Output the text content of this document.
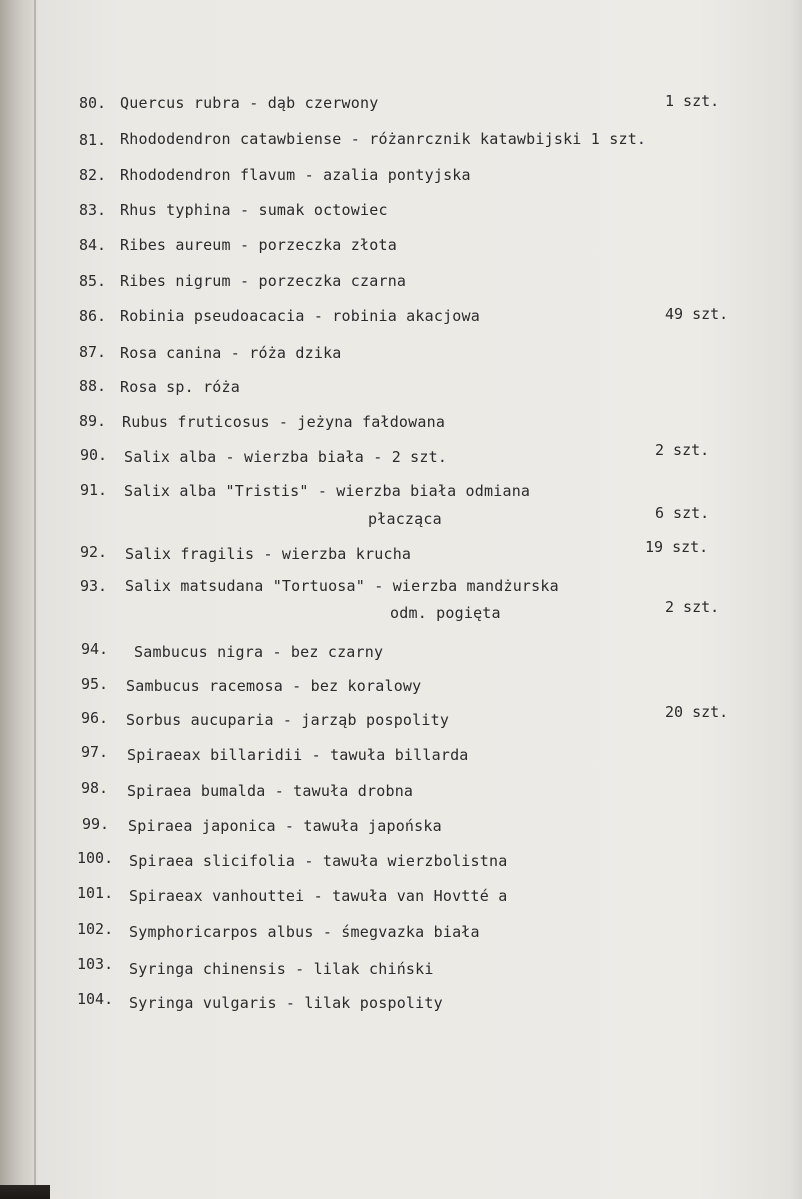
80. Quercus rubra - dąb czerwony	1 szt.
81. Rhododendron catawbiense - różanrcznik katawbijski 1 szt.
82. Rhododendron flavum - azalia pontyjska
83. Rhus typhina - sumak octowiec
84. Ribes aureum - porzeczka złota
85. Ribes nigrum - porzeczka czarna
86. Robinia pseudoacacia - robinia akacjowa	49 szt.
87. Rosa canina - róża dzika
88. Rosa sp. róża
89. Rubus fruticosus - jeżyna fałdowana
90. Salix alba - wierzba biała - 2 szt.	2 szt.
91. Salix alba "Tristis" - wierzba biała odmiana
płacząca	6 szt.
92. Salix fragilis - wierzba krucha	19 szt.
93. Salix matsudana "Tortuosa" - wierzba mandżurska
odm. pogięta	2 szt.
94. Sambucus nigra - bez czarny
95. Sambucus racemosa - bez koralowy
96. Sorbus aucuparia - jarząb pospolity	20 szt.
97. Spiraeax billaridii - tawuła billarda
98. Spiraea bumalda - tawuła drobna
99. Spiraea japonica - tawuła japońska
100. Spiraea slicifolia - tawuła wierzbolistna
101. Spiraeax vanhouttei - tawuła van Hovtté a
102. Symphoricarpos albus - śmegvazka biała
103. Syringa chinensis - lilak chiński
104. Syringa vulgaris - lilak pospolity
